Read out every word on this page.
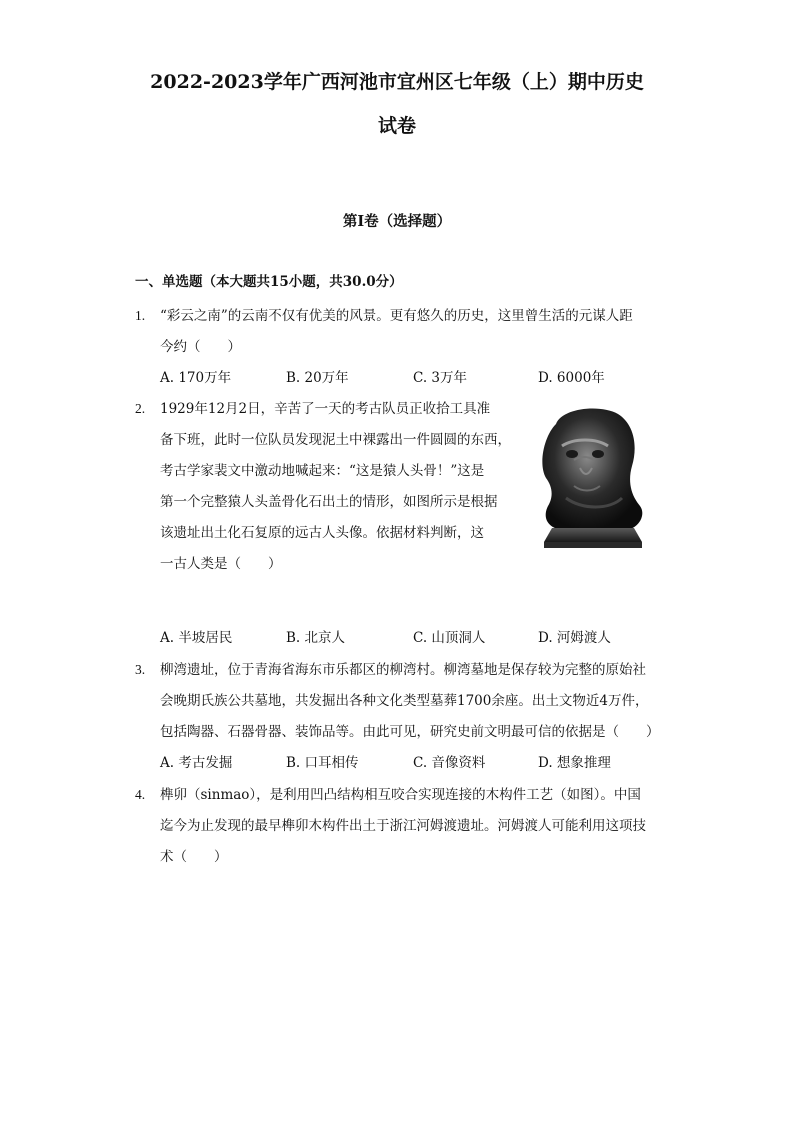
2022-2023学年广西河池市宜州区七年级（上）期中历史
试卷
第Ⅰ卷（选择题）
一、单选题（本大题共15小题，共30.0分）
1. “彩云之南”的云南不仅有优美的风景。更有悠久的历史，这里曾生活的元谋人距
今约（　　）
A. 170万年	B. 20万年	C. 3万年	D. 6000年
2. 1929年12月2日，辛苦了一天的考古队员正收拾工具准
备下班，此时一位队员发现泥土中裸露出一件圆圆的东西，
考古学家裴文中激动地喊起来：“这是猿人头骨！”这是
第一个完整猿人头盖骨化石出土的情形，如图所示是根据
该遗址出土化石复原的远古人头像。依据材料判断，这
一古人类是（　　）
A. 半坡居民	B. 北京人	C. 山顶洞人	D. 河姆渡人
3. 柳湾遗址，位于青海省海东市乐都区的柳湾村。柳湾墓地是保存较为完整的原始社
会晚期氏族公共墓地，共发掘出各种文化类型墓葬1700余座。出土文物近4万件，
包括陶器、石器骨器、装饰品等。由此可见，研究史前文明最可信的依据是（　　）
A. 考古发掘	B. 口耳相传	C. 音像资料	D. 想象推理
4. 榫卯（sinmao），是利用凹凸结构相互咬合实现连接的木构件工艺（如图）。中国
迄今为止发现的最早榫卯木构件出土于浙江河姆渡遗址。河姆渡人可能利用这项技
术（　　）
